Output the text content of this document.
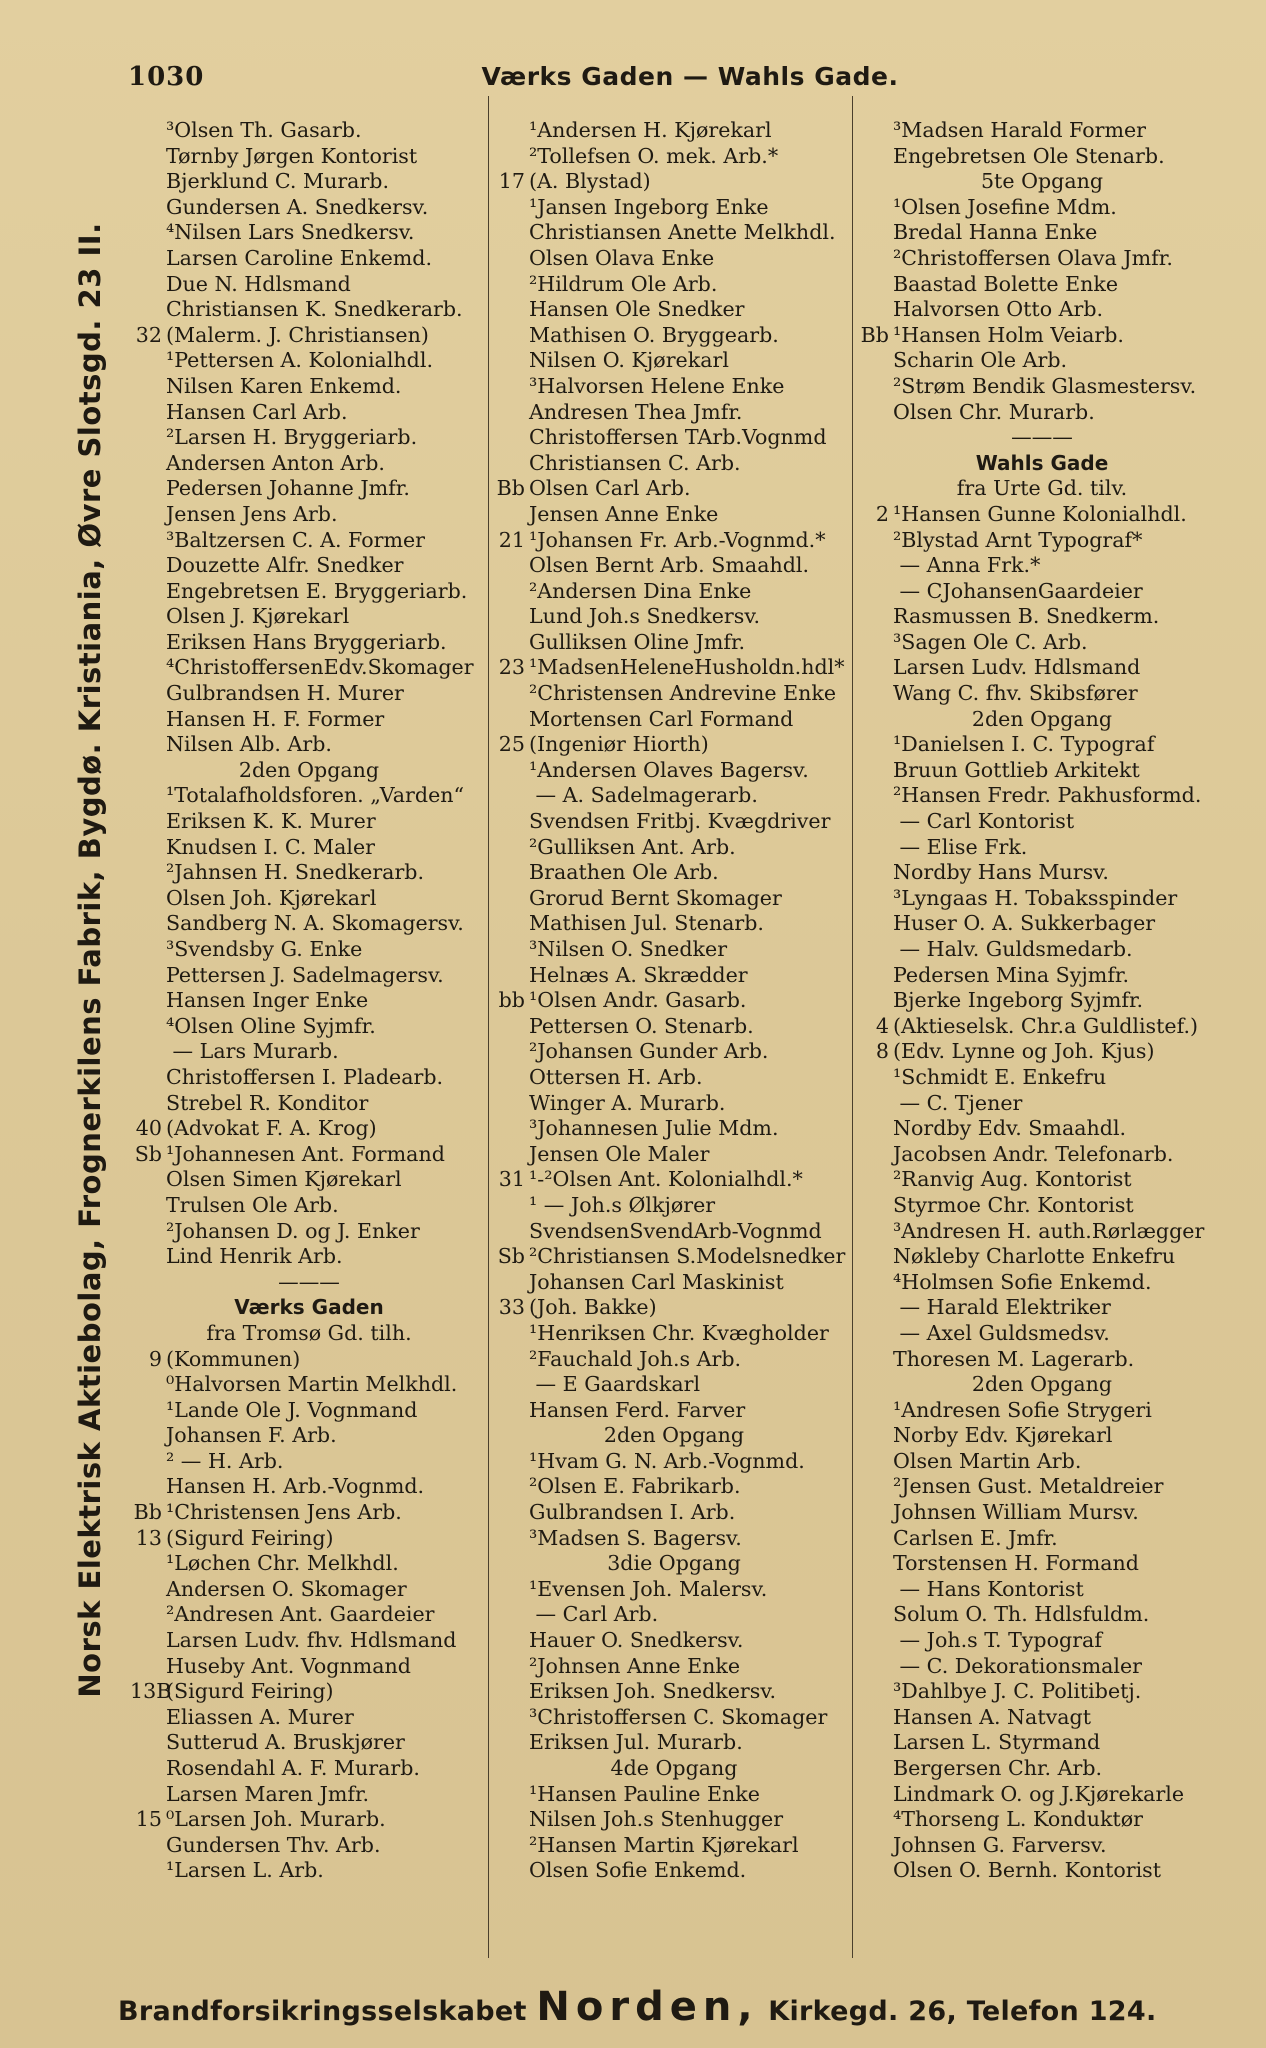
1030	Værks Gaden — Wahls Gade.
Norsk Elektrisk Aktiebolag, Frognerkilens Fabrik, Bygdø. Kristiania, Øvre Slotsgd. 23 II.
³Olsen Th. Gasarb.
Tørnby Jørgen Kontorist
Bjerklund C. Murarb.
Gundersen A. Snedkersv.
⁴Nilsen Lars Snedkersv.
Larsen Caroline Enkemd.
Due N. Hdlsmand
Christiansen K. Snedkerarb.
32 (Malerm. J. Christiansen)
¹Pettersen A. Kolonialhdl.
Nilsen Karen Enkemd.
Hansen Carl Arb.
²Larsen H. Bryggeriarb.
Andersen Anton Arb.
Pedersen Johanne Jmfr.
Jensen Jens Arb.
³Baltzersen C. A. Former
Douzette Alfr. Snedker
Engebretsen E. Bryggeriarb.
Olsen J. Kjørekarl
Eriksen Hans Bryggeriarb.
⁴ChristoffersenEdv.Skomager
Gulbrandsen H. Murer
Hansen H. F. Former
Nilsen Alb. Arb.
2den Opgang
¹Totalafholdsforen. „Varden“
Eriksen K. K. Murer
Knudsen I. C. Maler
²Jahnsen H. Snedkerarb.
Olsen Joh. Kjørekarl
Sandberg N. A. Skomagersv.
³Svendsby G. Enke
Pettersen J. Sadelmagersv.
Hansen Inger Enke
⁴Olsen Oline Syjmfr.
— Lars Murarb.
Christoffersen I. Pladearb.
Strebel R. Konditor
40 (Advokat F. A. Krog)
Sb ¹Johannesen Ant. Formand
Olsen Simen Kjørekarl
Trulsen Ole Arb.
²Johansen D. og J. Enker
Lind Henrik Arb.
———
Værks Gaden
fra Tromsø Gd. tilh.
9 (Kommunen)
⁰Halvorsen Martin Melkhdl.
¹Lande Ole J. Vognmand
Johansen F. Arb.
² — H. Arb.
Hansen H. Arb.-Vognmd.
Bb ¹Christensen Jens Arb.
13 (Sigurd Feiring)
¹Løchen Chr. Melkhdl.
Andersen O. Skomager
²Andresen Ant. Gaardeier
Larsen Ludv. fhv. Hdlsmand
Huseby Ant. Vognmand
13B(Sigurd Feiring)
Eliassen A. Murer
Sutterud A. Bruskjører
Rosendahl A. F. Murarb.
Larsen Maren Jmfr.
15 ⁰Larsen Joh. Murarb.
Gundersen Thv. Arb.
¹Larsen L. Arb.
¹Andersen H. Kjørekarl
²Tollefsen O. mek. Arb.*
17 (A. Blystad)
¹Jansen Ingeborg Enke
Christiansen Anette Melkhdl.
Olsen Olava Enke
²Hildrum Ole Arb.
Hansen Ole Snedker
Mathisen O. Bryggearb.
Nilsen O. Kjørekarl
³Halvorsen Helene Enke
Andresen Thea Jmfr.
Christoffersen TArb.Vognmd
Christiansen C. Arb.
Bb Olsen Carl Arb.
Jensen Anne Enke
21 ¹Johansen Fr. Arb.-Vognmd.*
Olsen Bernt Arb. Smaahdl.
²Andersen Dina Enke
Lund Joh.s Snedkersv.
Gulliksen Oline Jmfr.
23 ¹MadsenHeleneHusholdn.hdl*
²Christensen Andrevine Enke
Mortensen Carl Formand
25 (Ingeniør Hiorth)
¹Andersen Olaves Bagersv.
— A. Sadelmagerarb.
Svendsen Fritbj. Kvægdriver
²Gulliksen Ant. Arb.
Braathen Ole Arb.
Grorud Bernt Skomager
Mathisen Jul. Stenarb.
³Nilsen O. Snedker
Helnæs A. Skrædder
bb ¹Olsen Andr. Gasarb.
Pettersen O. Stenarb.
²Johansen Gunder Arb.
Ottersen H. Arb.
Winger A. Murarb.
³Johannesen Julie Mdm.
Jensen Ole Maler
31 ¹-²Olsen Ant. Kolonialhdl.*
¹ — Joh.s Ølkjører
SvendsenSvendArb-Vognmd
Sb ²Christiansen S.Modelsnedker
Johansen Carl Maskinist
33 (Joh. Bakke)
¹Henriksen Chr. Kvægholder
²Fauchald Joh.s Arb.
— E Gaardskarl
Hansen Ferd. Farver
2den Opgang
¹Hvam G. N. Arb.-Vognmd.
²Olsen E. Fabrikarb.
Gulbrandsen I. Arb.
³Madsen S. Bagersv.
3die Opgang
¹Evensen Joh. Malersv.
— Carl Arb.
Hauer O. Snedkersv.
²Johnsen Anne Enke
Eriksen Joh. Snedkersv.
³Christoffersen C. Skomager
Eriksen Jul. Murarb.
4de Opgang
¹Hansen Pauline Enke
Nilsen Joh.s Stenhugger
²Hansen Martin Kjørekarl
Olsen Sofie Enkemd.
³Madsen Harald Former
Engebretsen Ole Stenarb.
5te Opgang
¹Olsen Josefine Mdm.
Bredal Hanna Enke
²Christoffersen Olava Jmfr.
Baastad Bolette Enke
Halvorsen Otto Arb.
Bb ¹Hansen Holm Veiarb.
Scharin Ole Arb.
²Strøm Bendik Glasmestersv.
Olsen Chr. Murarb.
———
Wahls Gade
fra Urte Gd. tilv.
2 ¹Hansen Gunne Kolonialhdl.
²Blystad Arnt Typograf*
— Anna Frk.*
— CJohansenGaardeier
Rasmussen B. Snedkerm.
³Sagen Ole C. Arb.
Larsen Ludv. Hdlsmand
Wang C. fhv. Skibsfører
2den Opgang
¹Danielsen I. C. Typograf
Bruun Gottlieb Arkitekt
²Hansen Fredr. Pakhusformd.
— Carl Kontorist
— Elise Frk.
Nordby Hans Mursv.
³Lyngaas H. Tobaksspinder
Huser O. A. Sukkerbager
— Halv. Guldsmedarb.
Pedersen Mina Syjmfr.
Bjerke Ingeborg Syjmfr.
4 (Aktieselsk. Chr.a Guldlistef.)
8 (Edv. Lynne og Joh. Kjus)
¹Schmidt E. Enkefru
— C. Tjener
Nordby Edv. Smaahdl.
Jacobsen Andr. Telefonarb.
²Ranvig Aug. Kontorist
Styrmoe Chr. Kontorist
³Andresen H. auth.Rørlægger
Nøkleby Charlotte Enkefru
⁴Holmsen Sofie Enkemd.
— Harald Elektriker
— Axel Guldsmedsv.
Thoresen M. Lagerarb.
2den Opgang
¹Andresen Sofie Strygeri
Norby Edv. Kjørekarl
Olsen Martin Arb.
²Jensen Gust. Metaldreier
Johnsen William Mursv.
Carlsen E. Jmfr.
Torstensen H. Formand
— Hans Kontorist
Solum O. Th. Hdlsfuldm.
— Joh.s T. Typograf
— C. Dekorationsmaler
³Dahlbye J. C. Politibetj.
Hansen A. Natvagt
Larsen L. Styrmand
Bergersen Chr. Arb.
Lindmark O. og J.Kjørekarle
⁴Thorseng L. Konduktør
Johnsen G. Farversv.
Olsen O. Bernh. Kontorist
Brandforsikringsselskabet Norden, Kirkegd. 26, Telefon 124.
